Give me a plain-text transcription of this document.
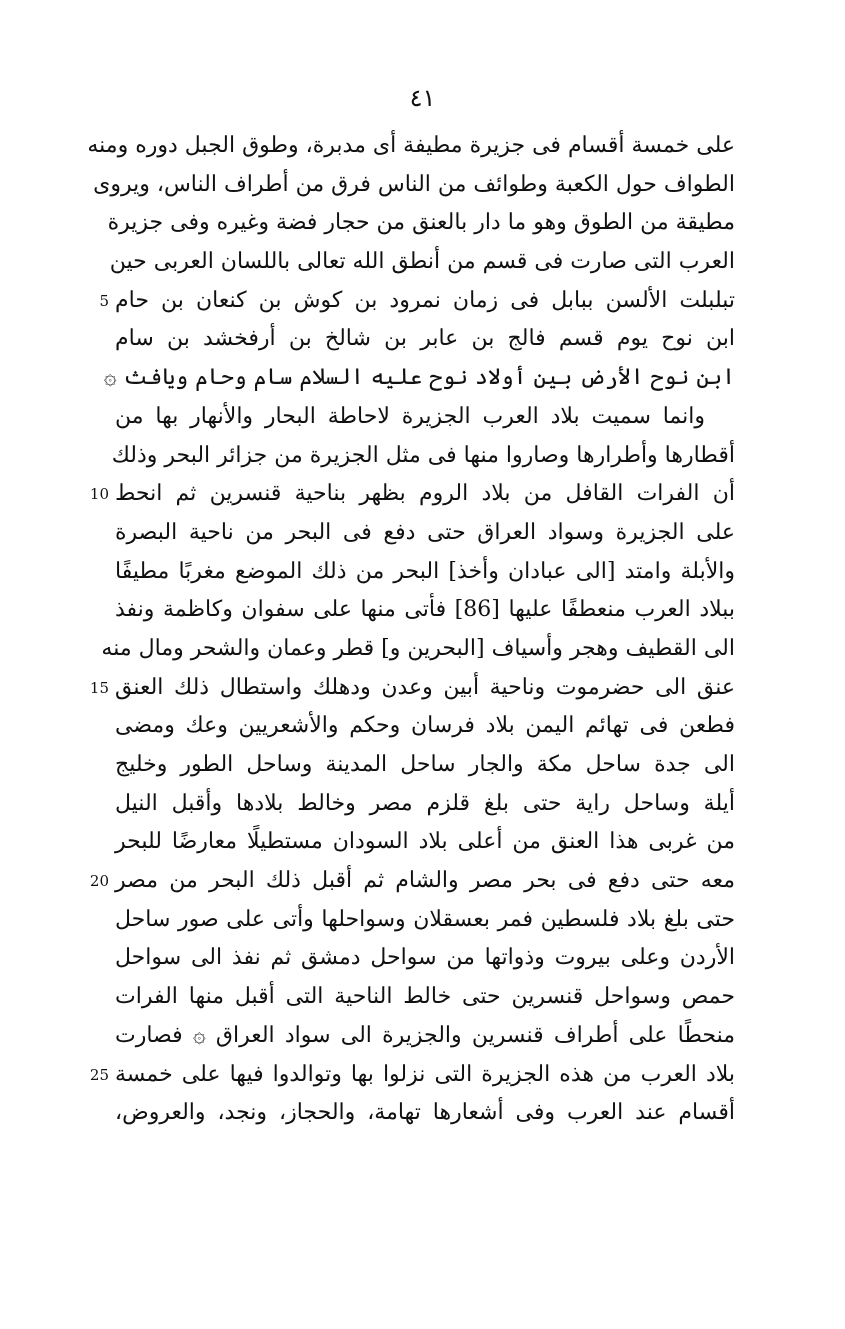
٤١
على خمسة أقسام فى جزيرة مطيفة أى مدبرة، وطوق الجبل دوره ومنه
الطواف حول الكعبة وطوائف من الناس فرق من أطراف الناس، ويروى
مطيقة من الطوق وهو ما دار بالعنق من حجار فضة وغيره وفى جزيرة
العرب التى صارت فى قسم من أنطق الله تعالى باللسان العربى حين
تبلبلت الألسن ببابل فى زمان نمرود بن كوش بن كنعان بن حام
5
ابن نوح يوم قسم فالج بن عابر بن شالخ بن أرفخشد بن سام
ابن نوح الأرض بين أولاد نوح عليه السلام سام وحام ويافث ۞
وانما سميت بلاد العرب الجزيرة لاحاطة البحار والأنهار بها من
أقطارها وأطرارها وصاروا منها فى مثل الجزيرة من جزائر البحر وذلك
أن الفرات القافل من بلاد الروم بظهر بناحية قنسرين ثم انحط
10
على الجزيرة وسواد العراق حتى دفع فى البحر من ناحية البصرة
والأبلة وامتد [الى عبادان وأخذ] البحر من ذلك الموضع مغربًا مطيفًا
ببلاد العرب منعطفًا عليها [86] فأتى منها على سفوان وكاظمة ونفذ
الى القطيف وهجر وأسياف [البحرين و] قطر وعمان والشحر ومال منه
عنق الى حضرموت وناحية أبين وعدن ودهلك واستطال ذلك العنق
15
فطعن فى تهائم اليمن بلاد فرسان وحكم والأشعريين وعك ومضى
الى جدة ساحل مكة والجار ساحل المدينة وساحل الطور وخليج
أيلة وساحل راية حتى بلغ قلزم مصر وخالط بلادها وأقبل النيل
من غربى هذا العنق من أعلى بلاد السودان مستطيلًا معارضًا للبحر
معه حتى دفع فى بحر مصر والشام ثم أقبل ذلك البحر من مصر
20
حتى بلغ بلاد فلسطين فمر بعسقلان وسواحلها وأتى على صور ساحل
الأردن وعلى بيروت وذواتها من سواحل دمشق ثم نفذ الى سواحل
حمص وسواحل قنسرين حتى خالط الناحية التى أقبل منها الفرات
منحطًا على أطراف قنسرين والجزيرة الى سواد العراق ۞ فصارت
بلاد العرب من هذه الجزيرة التى نزلوا بها وتوالدوا فيها على خمسة
25
أقسام عند العرب وفى أشعارها تهامة، والحجاز، ونجد، والعروض،
